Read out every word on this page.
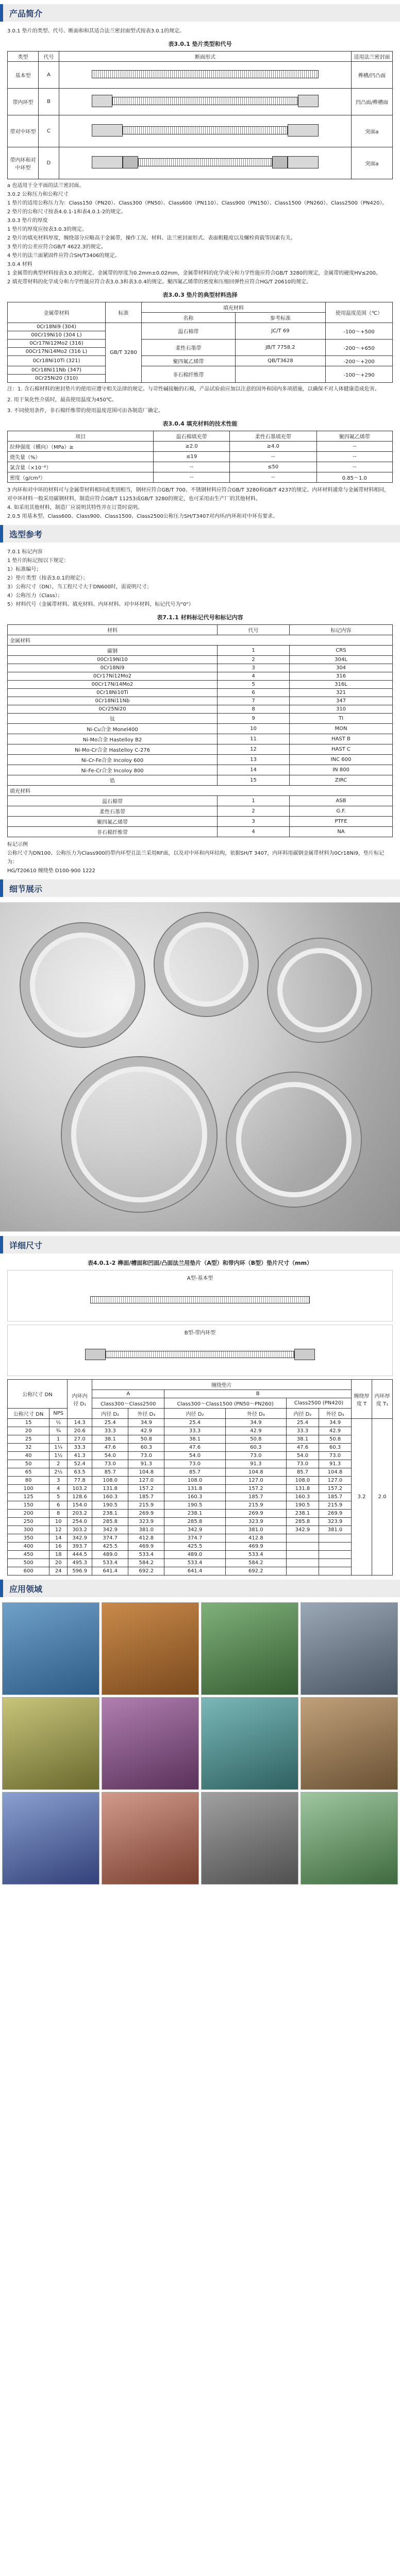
产品简介

3.0.1 垫片的类型、代号、断面和和其适合法兰密封面型式按表3.0.1的规定。

表3.0.1 垫片类型和代号
类型	代号	断面形式	适用法兰密封面
基本型	A		榫槽/凹凸面
带内环型	B		凹凸面/榫槽面
带对中环型	C		突面a
带内环和对中环型	D		突面a

a 也适用于全平面的法兰密封面。

3.0.2 公称压力和公称尺寸

1 垫片的适用公称压力为：Class150（PN20）、Class300（PN50）、Class600（PN110）、Class900（PN150）、Class1500（PN260）、Class2500（PN420）。

2 垫片的公称尺寸按表4.0.1-1和表4.0.1-2的规定。

3.0.3 垫片的厚度

1 垫片的厚度应按表3.0.3的规定。

2 垫片的填充材料厚度，缠绕部分应略高于金属带，操作工况、材料、法兰密封面形式、表面粗糙度以及螺栓荷载等因素有关。

3 垫片的公差应符合GB/T 4622.3的规定。

4 垫片的法兰面紧固件应符合SH/T3406的规定。

3.0.4 材料

1 金属带的典型材料按表3.0.3的规定。金属带的厚度为0.2mm±0.02mm，金属带材料的化学成分和力学性能应符合GB/T 3280的规定，金属带的硬度HV≤200。

2 填充带材料的化学成分和力学性能应符合表3.0.3和表3.0.4的规定。聚四氟乙烯带的密度和压缩回弹性应符合HG/T 20610的规定。

表3.0.3 垫片的典型材料选择
金属带材料	标准	填充材料		使用温度范围（℃）
		名称	参考标准	
0Cr18Ni9 (304)	GB/T 3280	温石棉带	JC/T 69	-100～+500
00Cr19Ni10 (304 L)				
0Cr17Ni12Mo2 (316)		柔性石墨带	JB/T 7758.2	-200～+650
00Cr17Ni14Mo2 (316 L)				
0Cr18Ni10Ti (321)		聚四氟乙烯带	QB/T3628	-200～+200
0Cr18Ni11Nb (347)		非石棉纤维带		-100～+290
0Cr25Ni20 (310)				

注：1. 含石棉材料的密封垫片的使用应遵守相关法律的规定。与苛性碱接触的石棉，产品试验前应加以注意的国外和国内多项措施，以确保不对人体健康造成危害。

2. 用于氧化性介质时，最高使用温度为450℃。

3. 不同使用条件，非石棉纤维带的使用温度范围可由各制造厂确定。

表3.0.4 填充材料的技术性能
项目	温石棉填充带	柔性石墨填充带	聚四氟乙烯带
拉伸强度（横向）（MPa）≥	≥2.0	≥4.0	--
烧失量（%）	≤19	--	--
氯含量（×10⁻⁶）	--	≤50	--
密度（g/cm³）	--	--	0.85～1.0

3 内环和对中环的材料可与金属带材料相同或类别相当，钢材应符合GB/T 700、不锈钢材料应符合GB/T 3280和GB/T 4237的规定。内环材料通常与金属带材料相同，对中环材料一般采用碳钢材料，制造应符合GB/T 11253或GB/T 3280的规定，也可采用由生产厂的其他材料。

4. 如采用其他材料，制造厂应说明其特性并在订货时说明。

2.0.5 用基本型、Class600、Class900、Class1500、Class2500公称压力SH/T3407对内环/内环和对中环有要求。

选型参考

7.0.1 标记内容

1 垫片的标记按以下规定：

1）标准编号；

2）垫片类型（按表3.0.1的规定）；

3）公称尺寸（DN），当工程尺寸大于DN600时，需说明尺寸；

4）公称压力（Class）；

5）材料代号（金属带材料、填充材料、内环材料、对中环材料，标记代号为"0"）

表7.1.1 材料标记代号和标记内容
材料	代号	标记内容
金属材料		
碳钢	1	CRS
00Cr19Ni10	2	304L
0Cr18Ni9	3	304
0Cr17Ni12Mo2	4	316
00Cr17Ni14Mo2	5	316L
0Cr18Ni10Ti	6	321
0Cr18Ni11Nb	7	347
0Cr25Ni20	8	310
钛	9	TI
Ni-Cu合金 Monel400	10	MON
Ni-Mo合金 Hastelloy B2	11	HAST B
Ni-Mo-Cr合金 Hastelloy C-276	12	HAST C
Ni-Cr-Fe合金 Incoloy 600	13	INC 600
Ni-Fe-Cr合金 Incoloy 800	14	IN 800
锆	15	ZIRC
填充材料		
温石棉带	1	ASB
柔性石墨带	2	G.F.
聚四氟乙烯带	3	PTFE
非石棉纤维带	4	NA

标记示例

公称尺寸为DN100、公称压力为Class900的带内环型且法兰采用RF面，以及对中环和内环结构，依据SH/T 3407，内环料用碳钢金属带材料为0Cr18Ni9，垫片标记为：

HG/T20610 缠绕垫 D100-900 1222

细节展示
详细尺寸
表4.0.1-2 榫面/槽面和凹面/凸面法兰用垫片（A型）和带内环（B型）垫片尺寸（mm）
A型-基本型
B型-带内环型
公称尺寸 DN		内环内径 D₁	缠绕垫片						缠绕厚度 T	内环厚度 T₁
			A		B					
			Class300～Class2500		Class300～Class1500 (PN50～PN260)		Class2500 (PN420)			
公称尺寸 DN	NPS		内径 D₂	外径 D₃	内径 D₂	外径 D₃	内径 D₂	外径 D₃		
15	½	14.3	25.4	34.9	25.4	34.9	25.4	34.9	3.2	2.0
20	¾	20.6	33.3	42.9	33.3	42.9	33.3	42.9		
25	1	27.0	38.1	50.8	38.1	50.8	38.1	50.8		
32	1¼	33.3	47.6	60.3	47.6	60.3	47.6	60.3		
40	1½	41.3	54.0	73.0	54.0	73.0	54.0	73.0		
50	2	52.4	73.0	91.3	73.0	91.3	73.0	91.3		
65	2½	63.5	85.7	104.8	85.7	104.8	85.7	104.8		
80	3	77.8	108.0	127.0	108.0	127.0	108.0	127.0		
100	4	103.2	131.8	157.2	131.8	157.2	131.8	157.2		
125	5	128.6	160.3	185.7	160.3	185.7	160.3	185.7		
150	6	154.0	190.5	215.9	190.5	215.9	190.5	215.9		
200	8	203.2	238.1	269.9	238.1	269.9	238.1	269.9		
250	10	254.0	285.8	323.9	285.8	323.9	285.8	323.9		
300	12	303.2	342.9	381.0	342.9	381.0	342.9	381.0		
350	14	342.9	374.7	412.8	374.7	412.8				
400	16	393.7	425.5	469.9	425.5	469.9				
450	18	444.5	489.0	533.4	489.0	533.4				
500	20	495.3	533.4	584.2	533.4	584.2				
600	24	596.9	641.4	692.2	641.4	692.2				
应用领域
